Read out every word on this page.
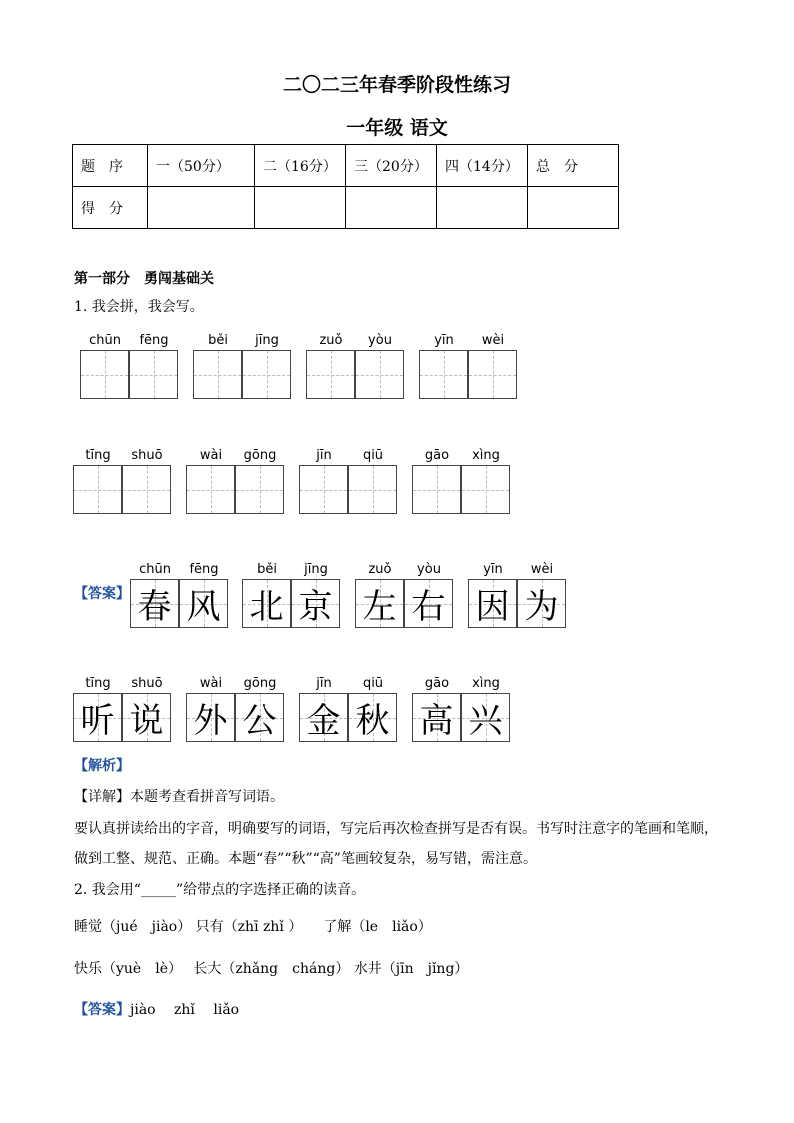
二〇二三年春季阶段性练习
一年级 语文
题　序	一（50分）	二（16分）	三（20分）	四（14分）	总　分
得　分					
第一部分　勇闯基础关
1. 我会拼，我会写。
chūn	fēng	běi	jīng	zuǒ	yòu	yīn	wèi
tīng	shuō	wài	gōng	jīn	qiū	gāo	xìng
chūn
春
fēng
风
běi
北
jīng
京
zuǒ
左
yòu
右
yīn
因
wèi
为
tīng
听
shuō
说
wài
外
gōng
公
jīn
金
qiū
秋
gāo
高
xìng
兴
【答案】
【解析】
【详解】本题考查看拼音写词语。
要认真拼读给出的字音，明确要写的词语，写完后再次检查拼写是否有误。书写时注意字的笔画和笔顺，
做到工整、规范、正确。本题“春”“秋”“高”笔画较复杂，易写错，需注意。
2. 我会用“_____”给带点的字选择正确的读音。
睡觉（jué　jiào） 只有（zhī zhǐ ）　　了解（le　liǎo）
快乐（yuè　lè）　 长大（zhǎng　cháng） 水井（jīn　jǐng）
【答案】jiào　 zhǐ　 liǎo
